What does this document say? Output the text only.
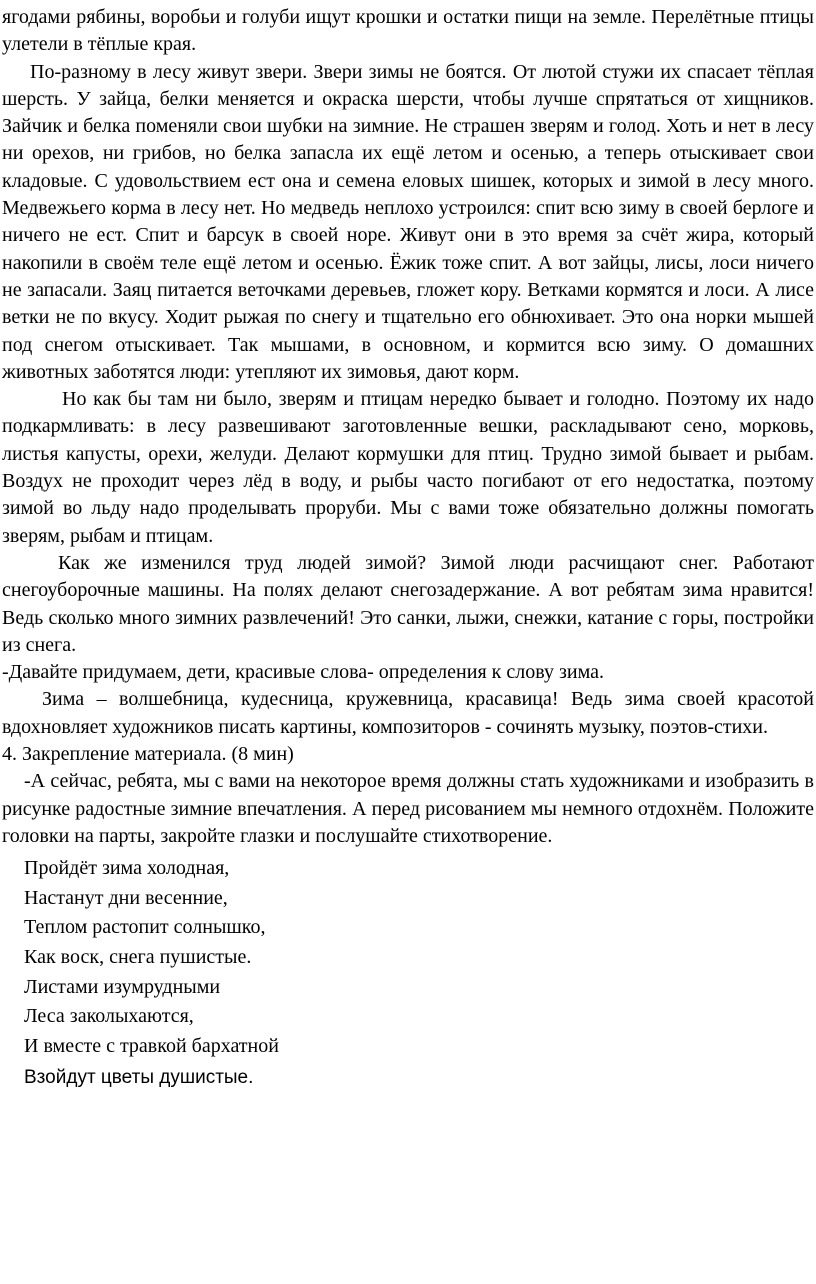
ягодами рябины, воробьи и голуби ищут крошки и остатки пищи на земле. Перелётные птицы улетели в тёплые края.

По-разному в лесу живут звери. Звери зимы не боятся. От лютой стужи их спасает тёплая шерсть. У зайца, белки меняется и окраска шерсти, чтобы лучше спрятаться от хищников. Зайчик и белка поменяли свои шубки на зимние. Не страшен зверям и голод. Хоть и нет в лесу ни орехов, ни грибов, но белка запасла их ещё летом и осенью, а теперь отыскивает свои кладовые. С удовольствием ест она и семена еловых шишек, которых и зимой в лесу много. Медвежьего корма в лесу нет. Но медведь неплохо устроился: спит всю зиму в своей берлоге и ничего не ест. Спит и барсук в своей норе. Живут они в это время за счёт жира, который накопили в своём теле ещё летом и осенью. Ёжик тоже спит. А вот зайцы, лисы, лоси ничего не запасали. Заяц питается веточками деревьев, гложет кору. Ветками кормятся и лоси. А лисе ветки не по вкусу. Ходит рыжая по снегу и тщательно его обнюхивает. Это она норки мышей под снегом отыскивает. Так мышами, в основном, и кормится всю зиму. О домашних животных заботятся люди: утепляют их зимовья, дают корм.

Но как бы там ни было, зверям и птицам нередко бывает и голодно. Поэтому их надо подкармливать: в лесу развешивают заготовленные вешки, раскладывают сено, морковь, листья капусты, орехи, желуди. Делают кормушки для птиц. Трудно зимой бывает и рыбам. Воздух не проходит через лёд в воду, и рыбы часто погибают от его недостатка, поэтому зимой во льду надо проделывать проруби. Мы с вами тоже обязательно должны помогать зверям, рыбам и птицам.

Как же изменился труд людей зимой? Зимой люди расчищают снег. Работают снегоуборочные машины. На полях делают снегозадержание. А вот ребятам зима нравится! Ведь сколько много зимних развлечений! Это санки, лыжи, снежки, катание с горы, постройки из снега.

-Давайте придумаем, дети, красивые слова- определения к слову зима.

Зима – волшебница, кудесница, кружевница, красавица! Ведь зима своей красотой вдохновляет художников писать картины, композиторов - сочинять музыку, поэтов-стихи.

4. Закрепление материала. (8 мин)

-А сейчас, ребята, мы с вами на некоторое время должны стать художниками и изобразить в рисунке радостные зимние впечатления. А перед рисованием мы немного отдохнём. Положите головки на парты, закройте глазки и послушайте стихотворение.

Пройдёт зима холодная,

Настанут дни весенние,

Теплом растопит солнышко,

Как воск, снега пушистые.

Листами изумрудными

Леса заколыхаются,

И вместе с травкой бархатной

Взойдут цветы душистые.
